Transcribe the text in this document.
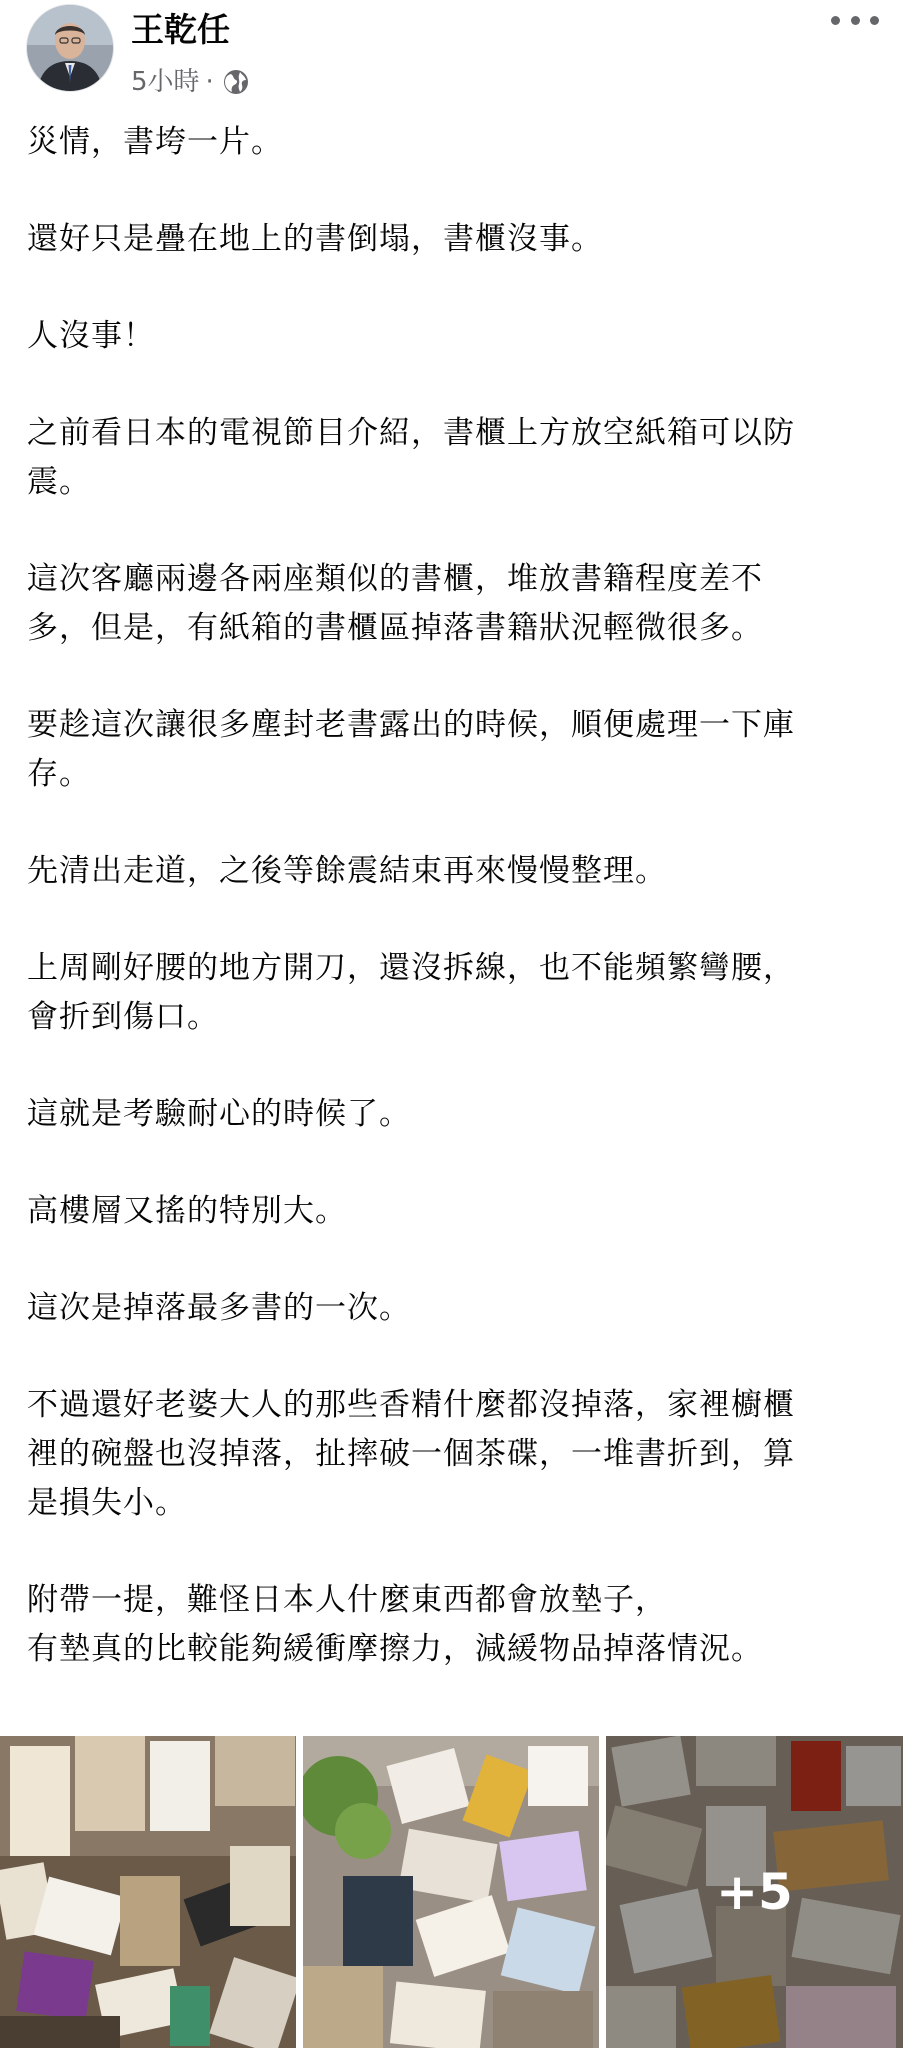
王乾任
5小時 ·

災情，書垮一片。

還好只是疊在地上的書倒塌，書櫃沒事。

人沒事！

之前看日本的電視節目介紹，書櫃上方放空紙箱可以防
震。

這次客廳兩邊各兩座類似的書櫃，堆放書籍程度差不
多，但是，有紙箱的書櫃區掉落書籍狀況輕微很多。

要趁這次讓很多塵封老書露出的時候，順便處理一下庫
存。

先清出走道，之後等餘震結束再來慢慢整理。

上周剛好腰的地方開刀，還沒拆線，也不能頻繁彎腰，
會折到傷口。

這就是考驗耐心的時候了。

高樓層又搖的特別大。

這次是掉落最多書的一次。

不過還好老婆大人的那些香精什麼都沒掉落，家裡櫥櫃
裡的碗盤也沒掉落，扯摔破一個茶碟，一堆書折到，算
是損失小。

附帶一提，難怪日本人什麼東西都會放墊子，
有墊真的比較能夠緩衝摩擦力，減緩物品掉落情況。

+5
